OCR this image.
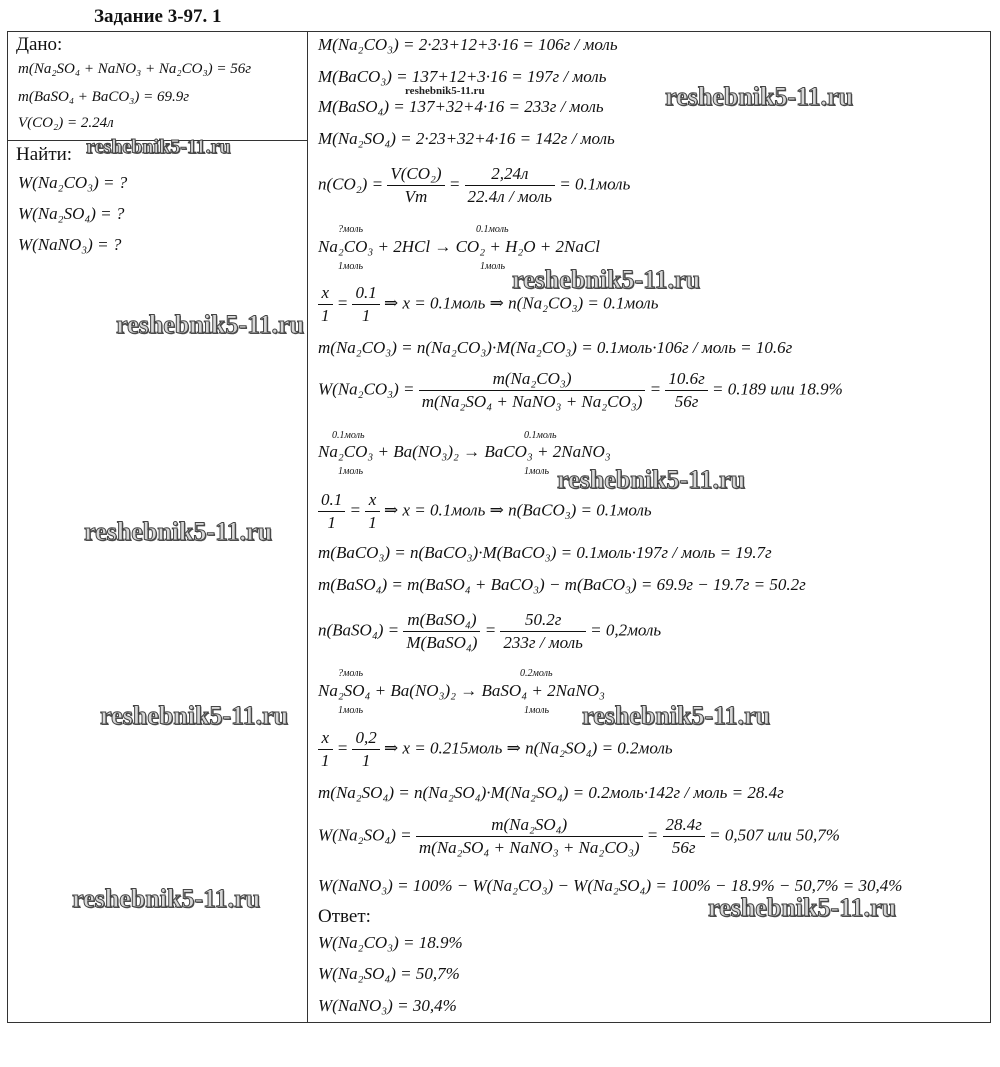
Задание 3-97. 1
Дано:
m(Na₂SO₄ + NaNO₃ + Na₂CO₃) = 56г
m(BaSO₄ + BaCO₃) = 69.9г
V(CO₂) = 2.24л
Найти:
W(Na₂CO₃) = ?
W(Na₂SO₄) = ?
W(NaNO₃) = ?
M(Na₂CO₃) = 2·23+12+3·16 = 106г / моль
M(BaCO₃) = 137+12+3·16 = 197г / моль
M(BaSO₄) = 137+32+4·16 = 233г / моль
M(Na₂SO₄) = 2·23+32+4·16 = 142г / моль
$n(CO_2) = \frac{\text{V(CO₂)}}{Vm} = \frac{2,24л}{\text{22.4л / моль}}$ = 0.1моль
?моль	0.1моль
Na₂CO₃ + 2HCl → CO₂ + H₂O + 2NaCl
1моль	1моль
$\frac{x}{1} = \frac{0.1}{1}$ ⇒ x = 0.1моль ⇒ n(Na₂CO₃) = 0.1моль
m(Na₂CO₃) = n(Na₂CO₃)·M(Na₂CO₃) = 0.1моль·106г / моль = 10.6г
$W(Na_2CO_3) = \frac{\text{m(Na₂CO₃)}}{\text{m(Na₂SO₄ + NaNO₃ + Na₂CO₃)}} = \frac{10.6г}{56г} = 0.189$ или 18.9%
0.1моль	0.1моль
Na₂CO₃ + Ba(NO₃)₂ → BaCO₃ + 2NaNO₃
1моль	1моль
$\frac{0.1}{1} = \frac{x}{1}$ ⇒ x = 0.1моль ⇒ n(BaCO₃) = 0.1моль
m(BaCO₃) = n(BaCO₃)·M(BaCO₃) = 0.1моль·197г / моль = 19.7г
m(BaSO₄) = m(BaSO₄ + BaCO₃) − m(BaCO₃) = 69.9г − 19.7г = 50.2г
n(BaSO₄) = $\frac{\text{m(BaSO₄)}}{\text{M(BaSO₄)}} = \frac{50.2г}{\text{233г / моль}}$ = 0,2моль
?моль	0.2моль
Na₂SO₄ + Ba(NO₃)₂ → BaSO₄ + 2NaNO₃
1моль	1моль
$\frac{x}{1} = \frac{0,2}{1}$ ⇒ x = 0.215моль ⇒ n(Na₂SO₄) = 0.2моль
m(Na₂SO₄) = n(Na₂SO₄)·M(Na₂SO₄) = 0.2моль·142г / моль = 28.4г
$W(Na_2SO_4) = \frac{\text{m(Na₂SO₄)}}{\text{m(Na₂SO₄ + NaNO₃ + Na₂CO₃)}} = \frac{28.4г}{56г} = 0,507$ или 50,7%
W(NaNO₃) = 100% − W(Na₂CO₃) − W(Na₂SO₄) = 100% − 18.9% − 50,7% = 30,4%
Ответ:
W(Na₂CO₃) = 18.9%
W(Na₂SO₄) = 50,7%
W(NaNO₃) = 30,4%
reshebnik5-11.ru	reshebnik5-11.ru
reshebnik5-11.ru
reshebnik5-11.ru
reshebnik5-11.ru
reshebnik5-11.ru
reshebnik5-11.ru
reshebnik5-11.ru	reshebnik5-11.ru
reshebnik5-11.ru	reshebnik5-11.ru
